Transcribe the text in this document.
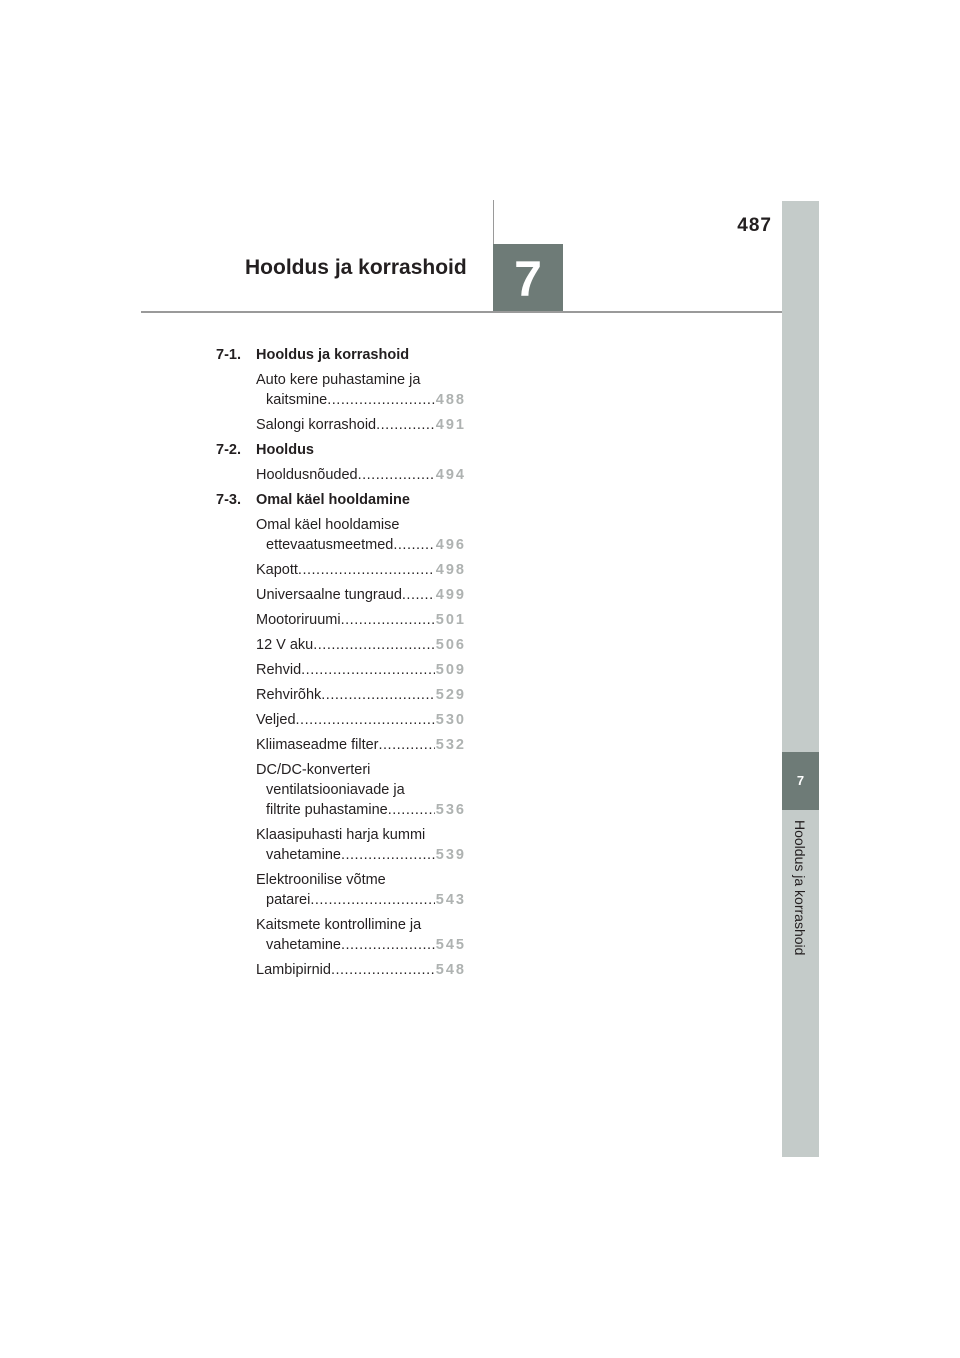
487
Hooldus ja korrashoid 7
7
Hooldus ja korrashoid
7-1. Hooldus ja korrashoid
Auto kere puhastamine ja
kaitsmine .....	488
Salongi korrashoid .....	491
7-2. Hooldus
Hooldusnõuded .....	494
7-3. Omal käel hooldamine
Omal käel hooldamise
ettevaatusmeetmed .....	496
Kapott .....	498
Universaalne tungraud ..... 499
Mootoriruumi .....	501
12 V aku .....	506
Rehvid .....	509
Rehvirõhk .....	529
Veljed .....	530
Kliimaseadme filter .....	532
DC/DC-konverteri
ventilatsiooniavade ja
filtrite puhastamine .....	536
Klaasipuhasti harja kummi
vahetamine .....	539
Elektroonilise võtme
patarei .....	543
Kaitsmete kontrollimine ja
vahetamine .....	545
Lambipirnid .....	548
